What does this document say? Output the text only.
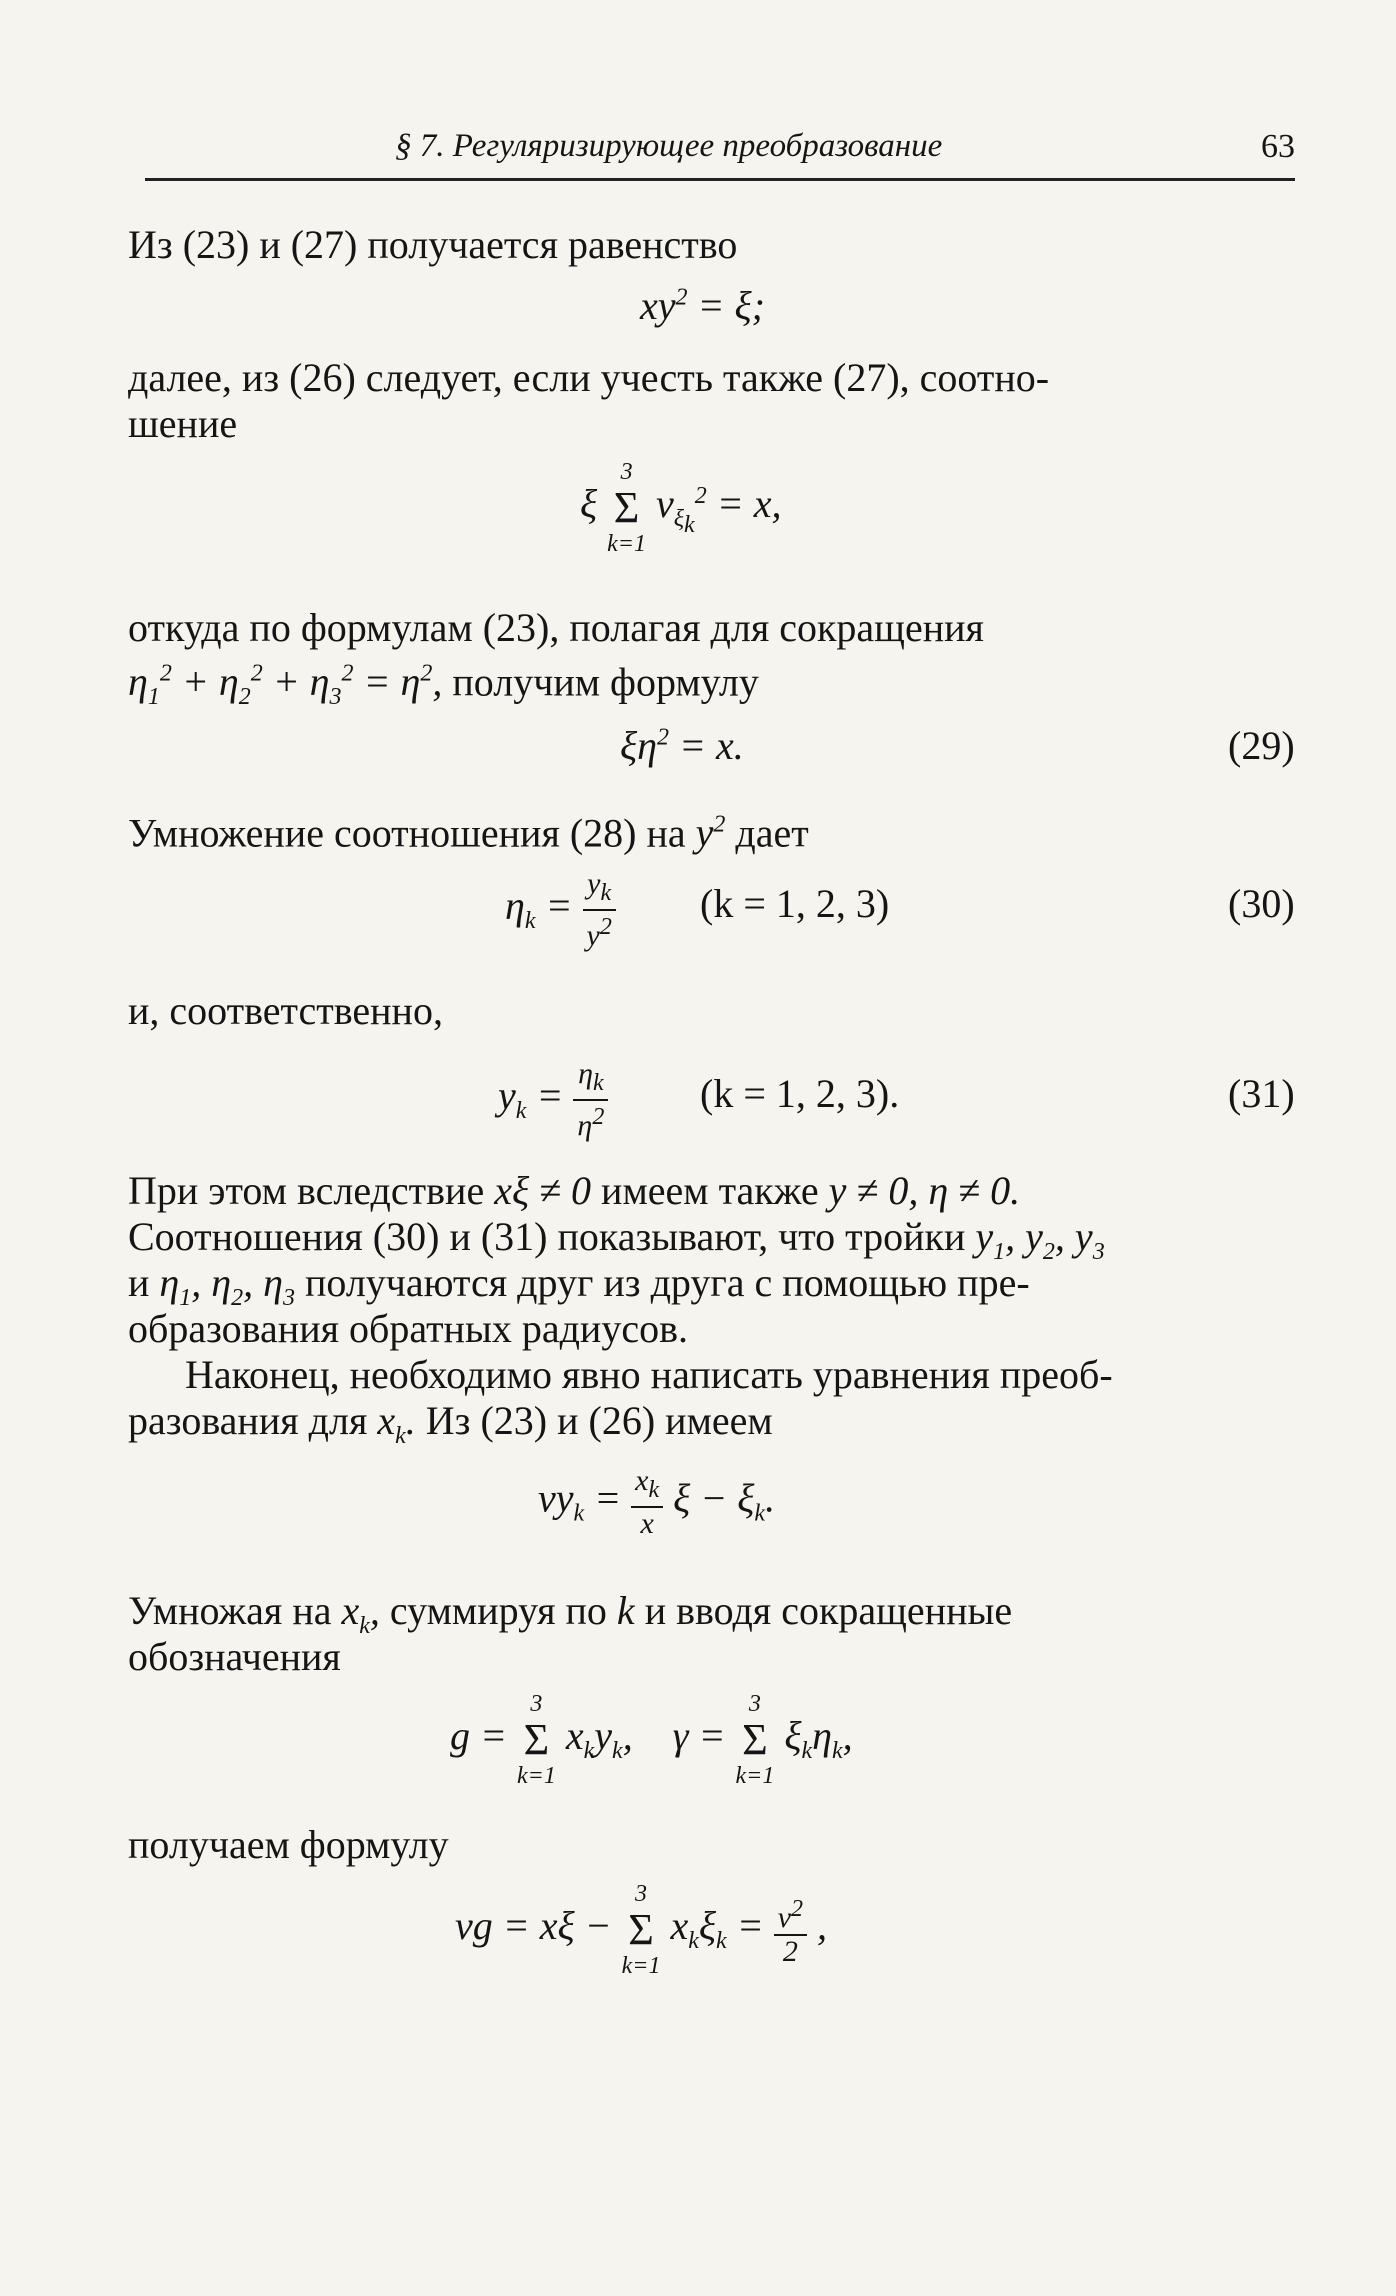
§ 7. Регуляризирующее преобразование	63
Из (23) и (27) получается равенство
$xy^2 = \xi$;
далее, из (26) следует, если учесть также (27), соотно-
шение
ξ
3
Σ
k=1
$v_{\xi_k}^2 = x$,
откуда по формулам (23), полагая для сокращения
$\eta_1^2 + \eta_2^2 + \eta_3^2 = \eta^2$, получим формулу
$\xi\eta^2 = x$.	(29)
Умножение соотношения (28) на $y^2$ дает
$\eta_k = \frac{y_k}{y^2} (k = 1$, 2, 3)	(30)
и, соответственно,
$y_k = \frac{\eta_k}{\eta^2} (k = 1$, 2, 3).	(31)
При этом вследствие xξ ≠ 0 имеем также y ≠ 0, η ≠ 0.
Соотношения (30) и (31) показывают, что тройки $y_1$, $y_2$, $y_3$
и $\eta_1$, $\eta_2$, $\eta_3$ получаются друг из друга с помощью пре-
образования обратных радиусов.
Наконец, необходимо явно написать уравнения преоб-
разования для $x_k$. Из (23) и (26) имеем
$vy_k = \frac{x_k}{x}$ $\xi - \xi_k$.
Умножая на $x_k$, суммируя по k и вводя сокращенные
обозначения
g =
3
Σ
k=1
$x_ky_k$,    γ =
3
Σ
k=1
$\xi_k\eta_k$,
получаем формулу
vg = xξ −
3
Σ
k=1
$x_k\xi_k = \frac{v^2}{2}$ ,
